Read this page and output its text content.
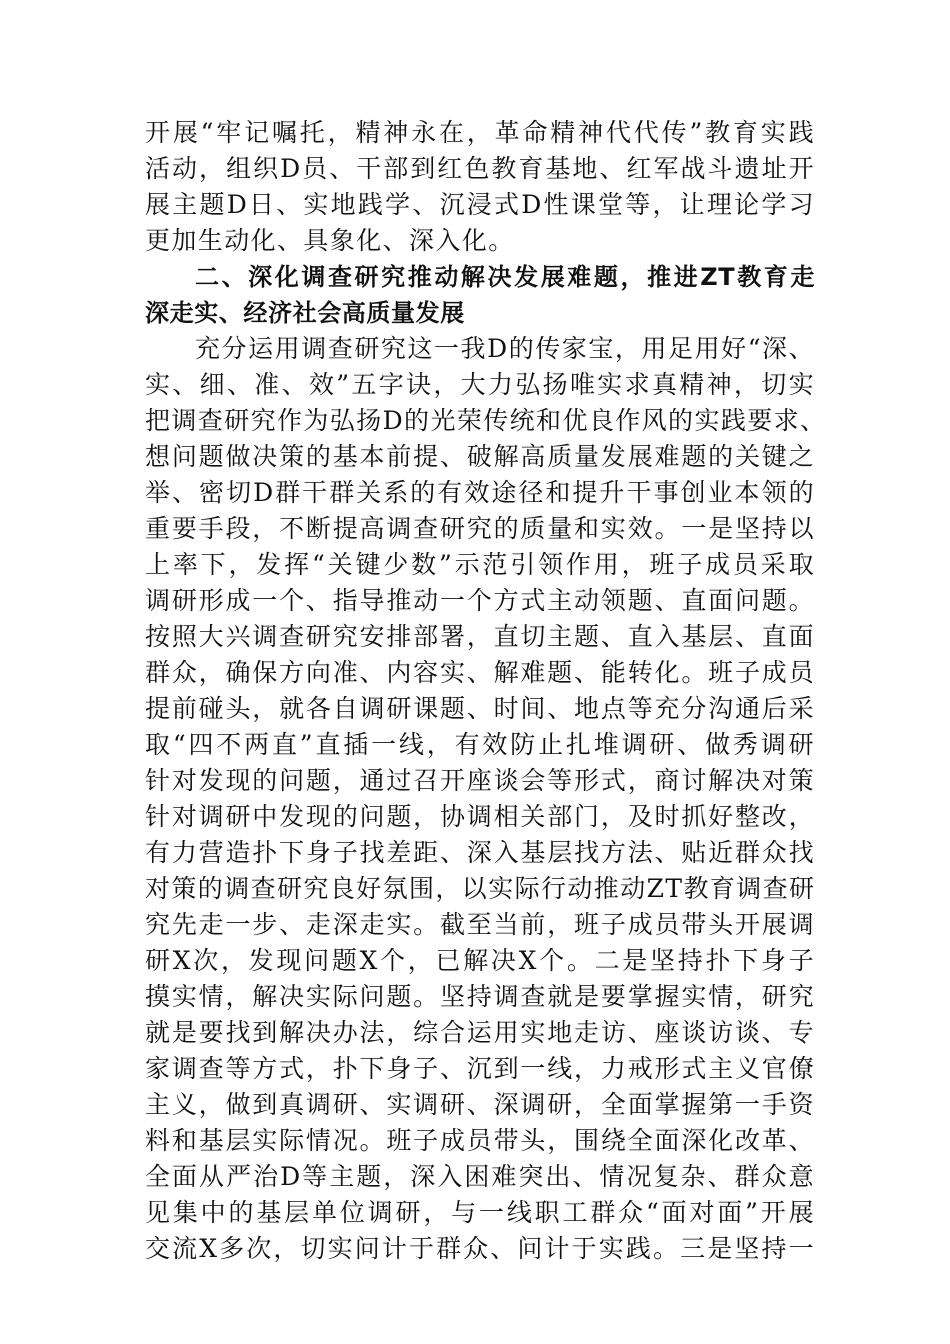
开展“牢记嘱托，精神永在，革命精神代代传”教育实践
活动，组织D员、干部到红色教育基地、红军战斗遗址开
展主题D日、实地践学、沉浸式D性课堂等，让理论学习
更加生动化、具象化、深入化。
二、深化调查研究推动解决发展难题，推进ZT教育走
深走实、经济社会高质量发展
充分运用调查研究这一我D的传家宝，用足用好“深、
实、细、准、效”五字诀，大力弘扬唯实求真精神，切实
把调查研究作为弘扬D的光荣传统和优良作风的实践要求、
想问题做决策的基本前提、破解高质量发展难题的关键之
举、密切D群干群关系的有效途径和提升干事创业本领的
重要手段，不断提高调查研究的质量和实效。一是坚持以
上率下，发挥“关键少数”示范引领作用，班子成员采取
调研形成一个、指导推动一个方式主动领题、直面问题。
按照大兴调查研究安排部署，直切主题、直入基层、直面
群众，确保方向准、内容实、解难题、能转化。班子成员
提前碰头，就各自调研课题、时间、地点等充分沟通后采
取“四不两直”直插一线，有效防止扎堆调研、做秀调研
针对发现的问题，通过召开座谈会等形式，商讨解决对策
针对调研中发现的问题，协调相关部门，及时抓好整改，
有力营造扑下身子找差距、深入基层找方法、贴近群众找
对策的调查研究良好氛围，以实际行动推动ZT教育调查研
究先走一步、走深走实。截至当前，班子成员带头开展调
研X次，发现问题X个，已解决X个。二是坚持扑下身子
摸实情，解决实际问题。坚持调查就是要掌握实情，研究
就是要找到解决办法，综合运用实地走访、座谈访谈、专
家调查等方式，扑下身子、沉到一线，力戒形式主义官僚
主义，做到真调研、实调研、深调研，全面掌握第一手资
料和基层实际情况。班子成员带头，围绕全面深化改革、
全面从严治D等主题，深入困难突出、情况复杂、群众意
见集中的基层单位调研，与一线职工群众“面对面”开展
交流X多次，切实问计于群众、问计于实践。三是坚持一
